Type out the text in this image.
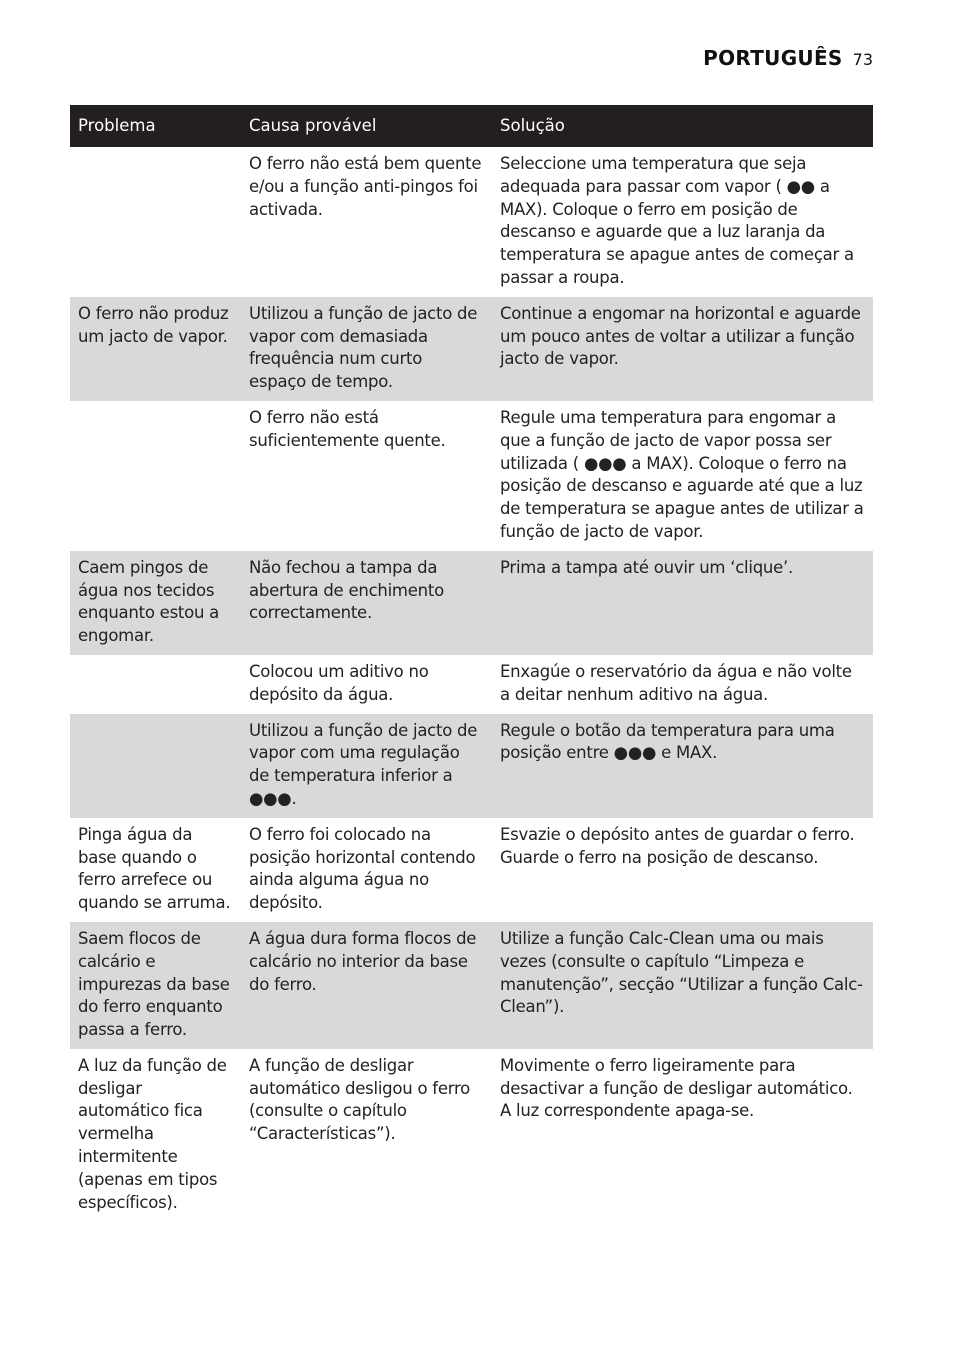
PORTUGUÊS 73
Problema	Causa provável	Solução
	O ferro não está bem quente e/ou a função anti-pingos foi activada.	Seleccione uma temperatura que seja adequada para passar com vapor ( ●● a MAX). Coloque o ferro em posição de descanso e aguarde que a luz laranja da temperatura se apague antes de começar a passar a roupa.
O ferro não produz um jacto de vapor.	Utilizou a função de jacto de vapor com demasiada frequência num curto espaço de tempo.	Continue a engomar na horizontal e aguarde um pouco antes de voltar a utilizar a função jacto de vapor.
	O ferro não está suficientemente quente.	Regule uma temperatura para engomar a que a função de jacto de vapor possa ser utilizada ( ●●● a MAX). Coloque o ferro na posição de descanso e aguarde até que a luz de temperatura se apague antes de utilizar a função de jacto de vapor.
Caem pingos de água nos tecidos enquanto estou a engomar.	Não fechou a tampa da abertura de enchimento correctamente.	Prima a tampa até ouvir um ‘clique’.
	Colocou um aditivo no depósito da água.	Enxagúe o reservatório da água e não volte a deitar nenhum aditivo na água.
	Utilizou a função de jacto de vapor com uma regulação de temperatura inferior a ●●●.	Regule o botão da temperatura para uma posição entre ●●● e MAX.
Pinga água da base quando o ferro arrefece ou quando se arruma.	O ferro foi colocado na posição horizontal contendo ainda alguma água no depósito.	Esvazie o depósito antes de guardar o ferro. Guarde o ferro na posição de descanso.
Saem flocos de calcário e impurezas da base do ferro enquanto passa a ferro.	A água dura forma flocos de calcário no interior da base do ferro.	Utilize a função Calc-Clean uma ou mais vezes (consulte o capítulo “Limpeza e manutenção”, secção “Utilizar a função Calc-Clean”).
A luz da função de desligar automático fica vermelha intermitente (apenas em tipos específicos).	A função de desligar automático desligou o ferro (consulte o capítulo “Características”).	Movimente o ferro ligeiramente para desactivar a função de desligar automático. A luz correspondente apaga-se.
